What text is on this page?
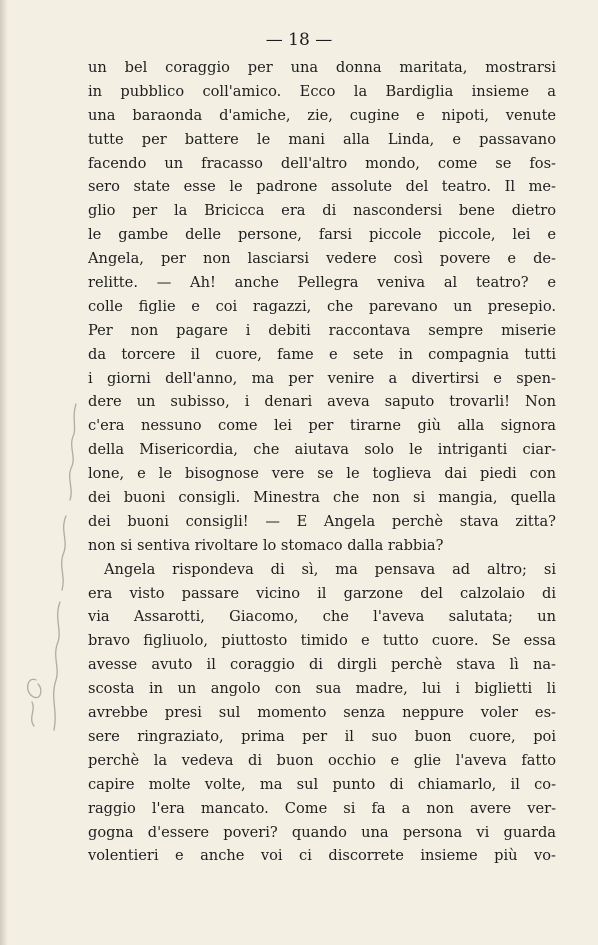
— 18 —
un bel coraggio per una donna maritata, mostrarsi
in pubblico coll'amico. Ecco la Bardiglia insieme a
una baraonda d'amiche, zie, cugine e nipoti, venute
tutte per battere le mani alla Linda, e passavano
facendo un fracasso dell'altro mondo, come se fos-
sero state esse le padrone assolute del teatro. Il me-
glio per la Bricicca era di nascondersi bene dietro
le gambe delle persone, farsi piccole piccole, lei e
Angela, per non lasciarsi vedere così povere e de-
relitte. — Ah! anche Pellegra veniva al teatro? e
colle figlie e coi ragazzi, che parevano un presepio.
Per non pagare i debiti raccontava sempre miserie
da torcere il cuore, fame e sete in compagnia tutti
i giorni dell'anno, ma per venire a divertirsi e spen-
dere un subisso, i denari aveva saputo trovarli! Non
c'era nessuno come lei per tirarne giù alla signora
della Misericordia, che aiutava solo le intriganti ciar-
lone, e le bisognose vere se le toglieva dai piedi con
dei buoni consigli. Minestra che non si mangia, quella
dei buoni consigli! — E Angela perchè stava zitta?
non si sentiva rivoltare lo stomaco dalla rabbia?
Angela rispondeva di sì, ma pensava ad altro; si
era visto passare vicino il garzone del calzolaio di
via Assarotti, Giacomo, che l'aveva salutata; un
bravo figliuolo, piuttosto timido e tutto cuore. Se essa
avesse avuto il coraggio di dirgli perchè stava lì na-
scosta in un angolo con sua madre, lui i biglietti li
avrebbe presi sul momento senza neppure voler es-
sere ringraziato, prima per il suo buon cuore, poi
perchè la vedeva di buon occhio e glie l'aveva fatto
capire molte volte, ma sul punto di chiamarlo, il co-
raggio l'era mancato. Come si fa a non avere ver-
gogna d'essere poveri? quando una persona vi guarda
volentieri e anche voi ci discorrete insieme più vo-
